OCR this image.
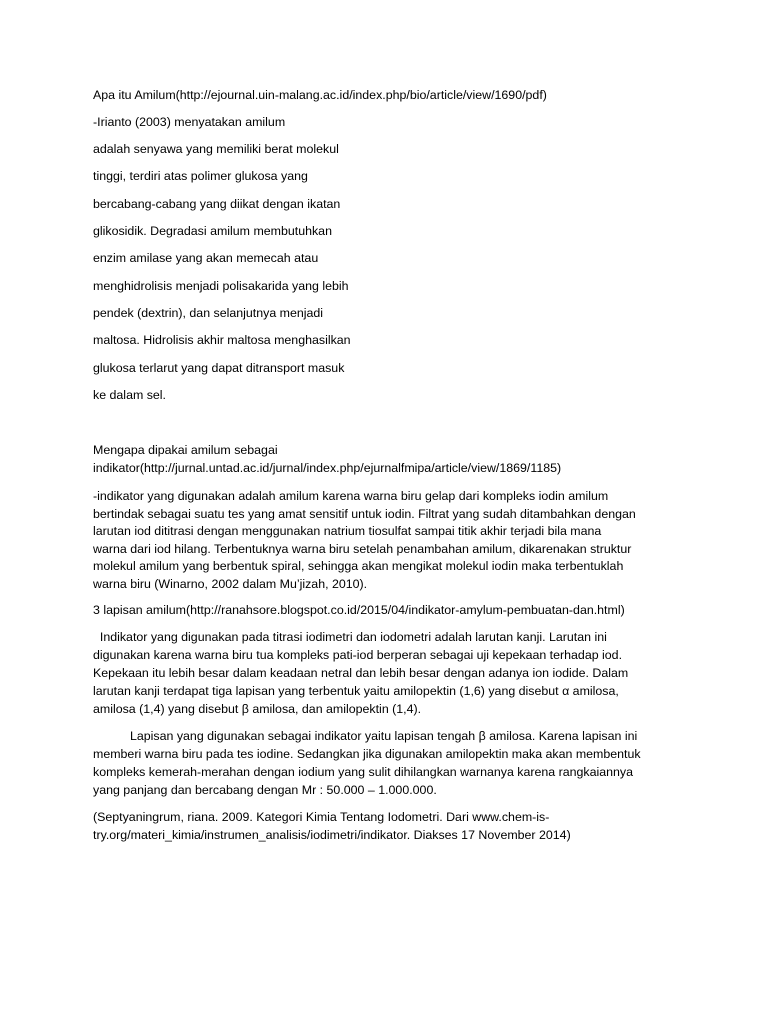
Apa itu Amilum(http://ejournal.uin-malang.ac.id/index.php/bio/article/view/1690/pdf)
-Irianto (2003) menyatakan amilum
adalah senyawa yang memiliki berat molekul
tinggi, terdiri atas polimer glukosa yang
bercabang-cabang yang diikat dengan ikatan
glikosidik. Degradasi amilum membutuhkan
enzim amilase yang akan memecah atau
menghidrolisis menjadi polisakarida yang lebih
pendek (dextrin), dan selanjutnya menjadi
maltosa. Hidrolisis akhir maltosa menghasilkan
glukosa terlarut yang dapat ditransport masuk
ke dalam sel.
Mengapa dipakai amilum sebagai
indikator(http://jurnal.untad.ac.id/jurnal/index.php/ejurnalfmipa/article/view/1869/1185)
-indikator yang digunakan adalah amilum karena warna biru gelap dari kompleks iodin amilum
bertindak sebagai suatu tes yang amat sensitif untuk iodin. Filtrat yang sudah ditambahkan dengan
larutan iod dititrasi dengan menggunakan natrium tiosulfat sampai titik akhir terjadi bila mana
warna dari iod hilang. Terbentuknya warna biru setelah penambahan amilum, dikarenakan struktur
molekul amilum yang berbentuk spiral, sehingga akan mengikat molekul iodin maka terbentuklah
warna biru (Winarno, 2002 dalam Mu’jizah, 2010).
3 lapisan amilum(http://ranahsore.blogspot.co.id/2015/04/indikator-amylum-pembuatan-dan.html)
Indikator yang digunakan pada titrasi iodimetri dan iodometri adalah larutan kanji. Larutan ini
digunakan karena warna biru tua kompleks pati-iod berperan sebagai uji kepekaan terhadap iod.
Kepekaan itu lebih besar dalam keadaan netral dan lebih besar dengan adanya ion iodide. Dalam
larutan kanji terdapat tiga lapisan yang terbentuk yaitu amilopektin (1,6) yang disebut α amilosa,
amilosa (1,4) yang disebut β amilosa, dan amilopektin (1,4).
Lapisan yang digunakan sebagai indikator yaitu lapisan tengah β amilosa. Karena lapisan ini
memberi warna biru pada tes iodine. Sedangkan jika digunakan amilopektin maka akan membentuk
kompleks kemerah-merahan dengan iodium yang sulit dihilangkan warnanya karena rangkaiannya
yang panjang dan bercabang dengan Mr : 50.000 – 1.000.000.
(Septyaningrum, riana. 2009. Kategori Kimia Tentang Iodometri. Dari www.chem-is-
try.org/materi_kimia/instrumen_analisis/iodimetri/indikator. Diakses 17 November 2014)
